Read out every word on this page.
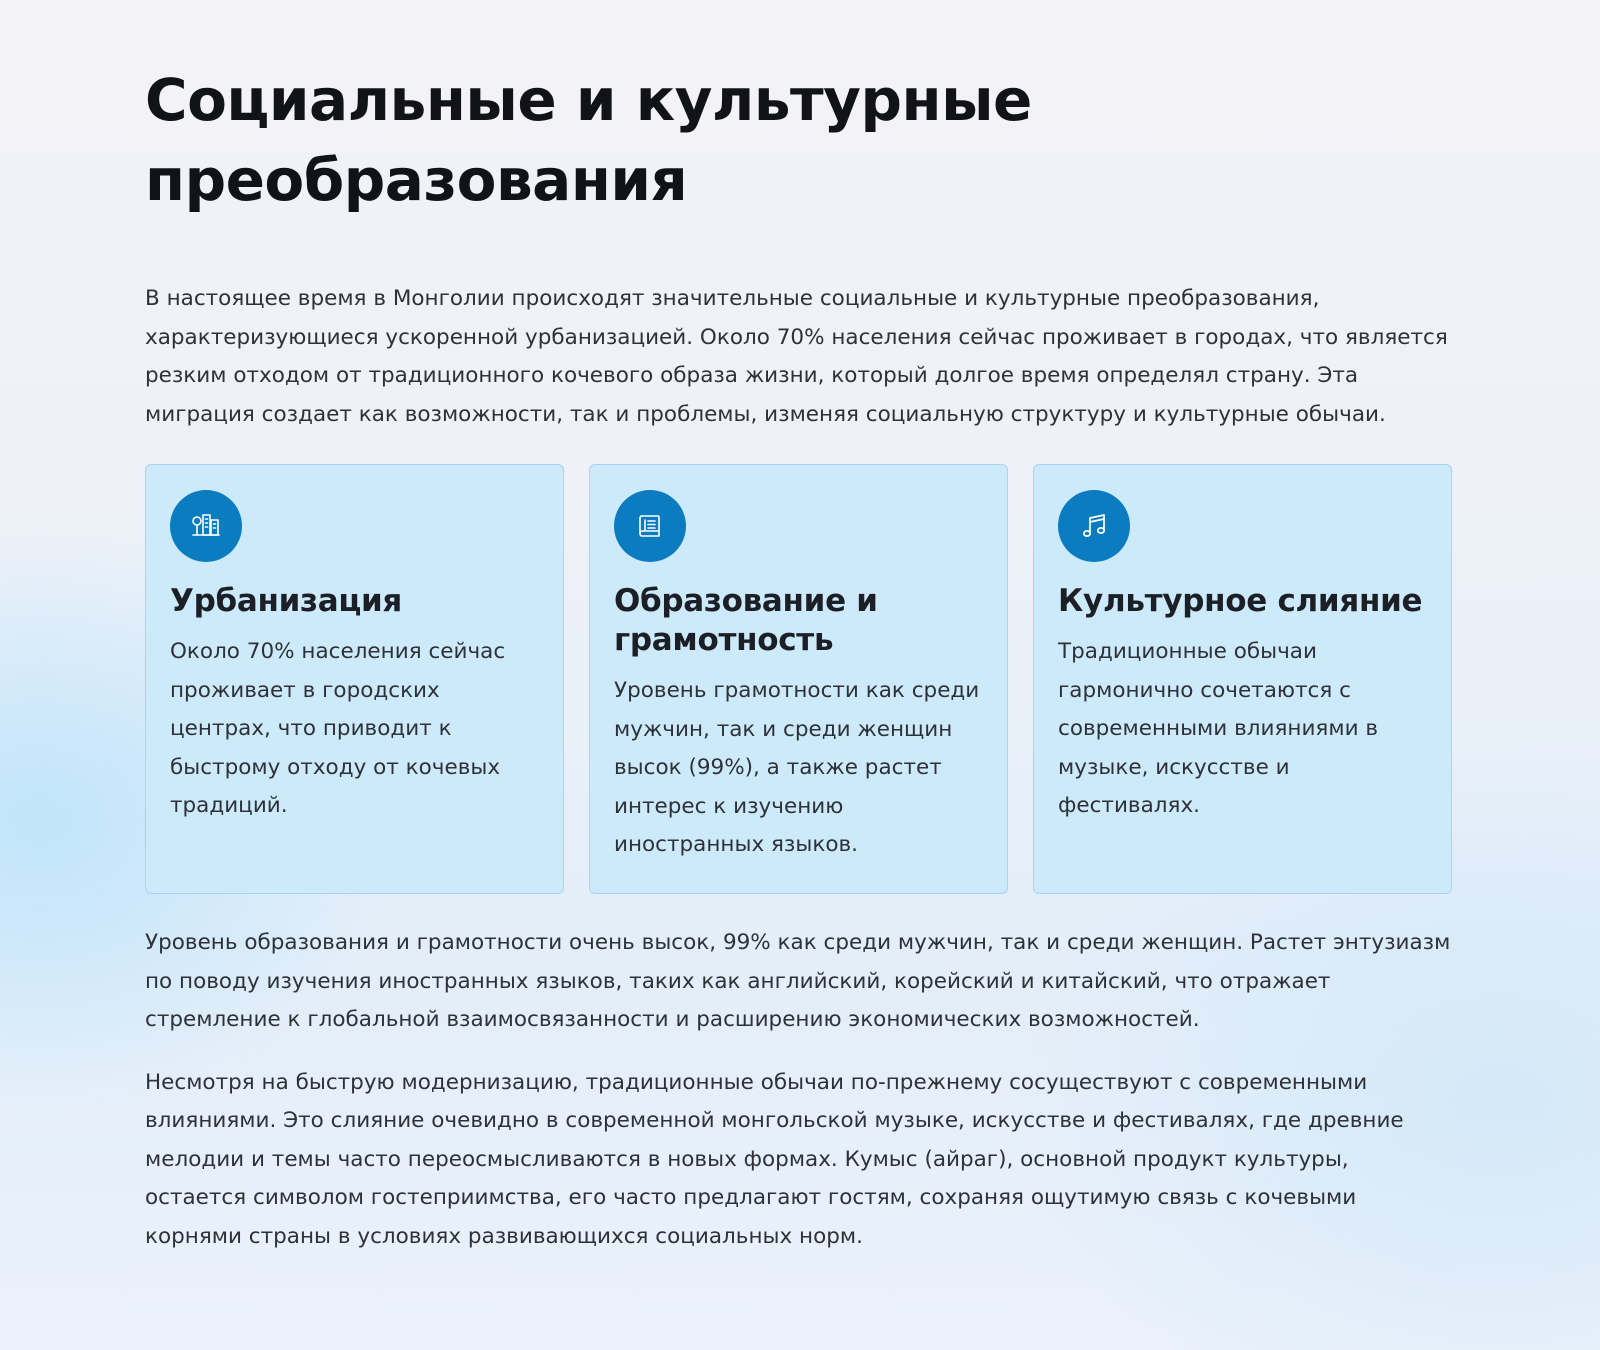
Социальные и культурные преобразования

В настоящее время в Монголии происходят значительные социальные и культурные преобразования, характеризующиеся ускоренной урбанизацией. Около 70% населения сейчас проживает в городах, что является резким отходом от традиционного кочевого образа жизни, который долгое время определял страну. Эта миграция создает как возможности, так и проблемы, изменяя социальную структуру и культурные обычаи.

Урбанизация

Около 70% населения сейчас проживает в городских центрах, что приводит к быстрому отходу от кочевых традиций.

Образование и грамотность

Уровень грамотности как среди мужчин, так и среди женщин высок (99%), а также растет интерес к изучению иностранных языков.

Культурное слияние

Традиционные обычаи гармонично сочетаются с современными влияниями в музыке, искусстве и фестивалях.

Уровень образования и грамотности очень высок, 99% как среди мужчин, так и среди женщин. Растет энтузиазм по поводу изучения иностранных языков, таких как английский, корейский и китайский, что отражает стремление к глобальной взаимосвязанности и расширению экономических возможностей.

Несмотря на быструю модернизацию, традиционные обычаи по-прежнему сосуществуют с современными влияниями. Это слияние очевидно в современной монгольской музыке, искусстве и фестивалях, где древние мелодии и темы часто переосмысливаются в новых формах. Кумыс (айраг), основной продукт культуры, остается символом гостеприимства, его часто предлагают гостям, сохраняя ощутимую связь с кочевыми корнями страны в условиях развивающихся социальных норм.
